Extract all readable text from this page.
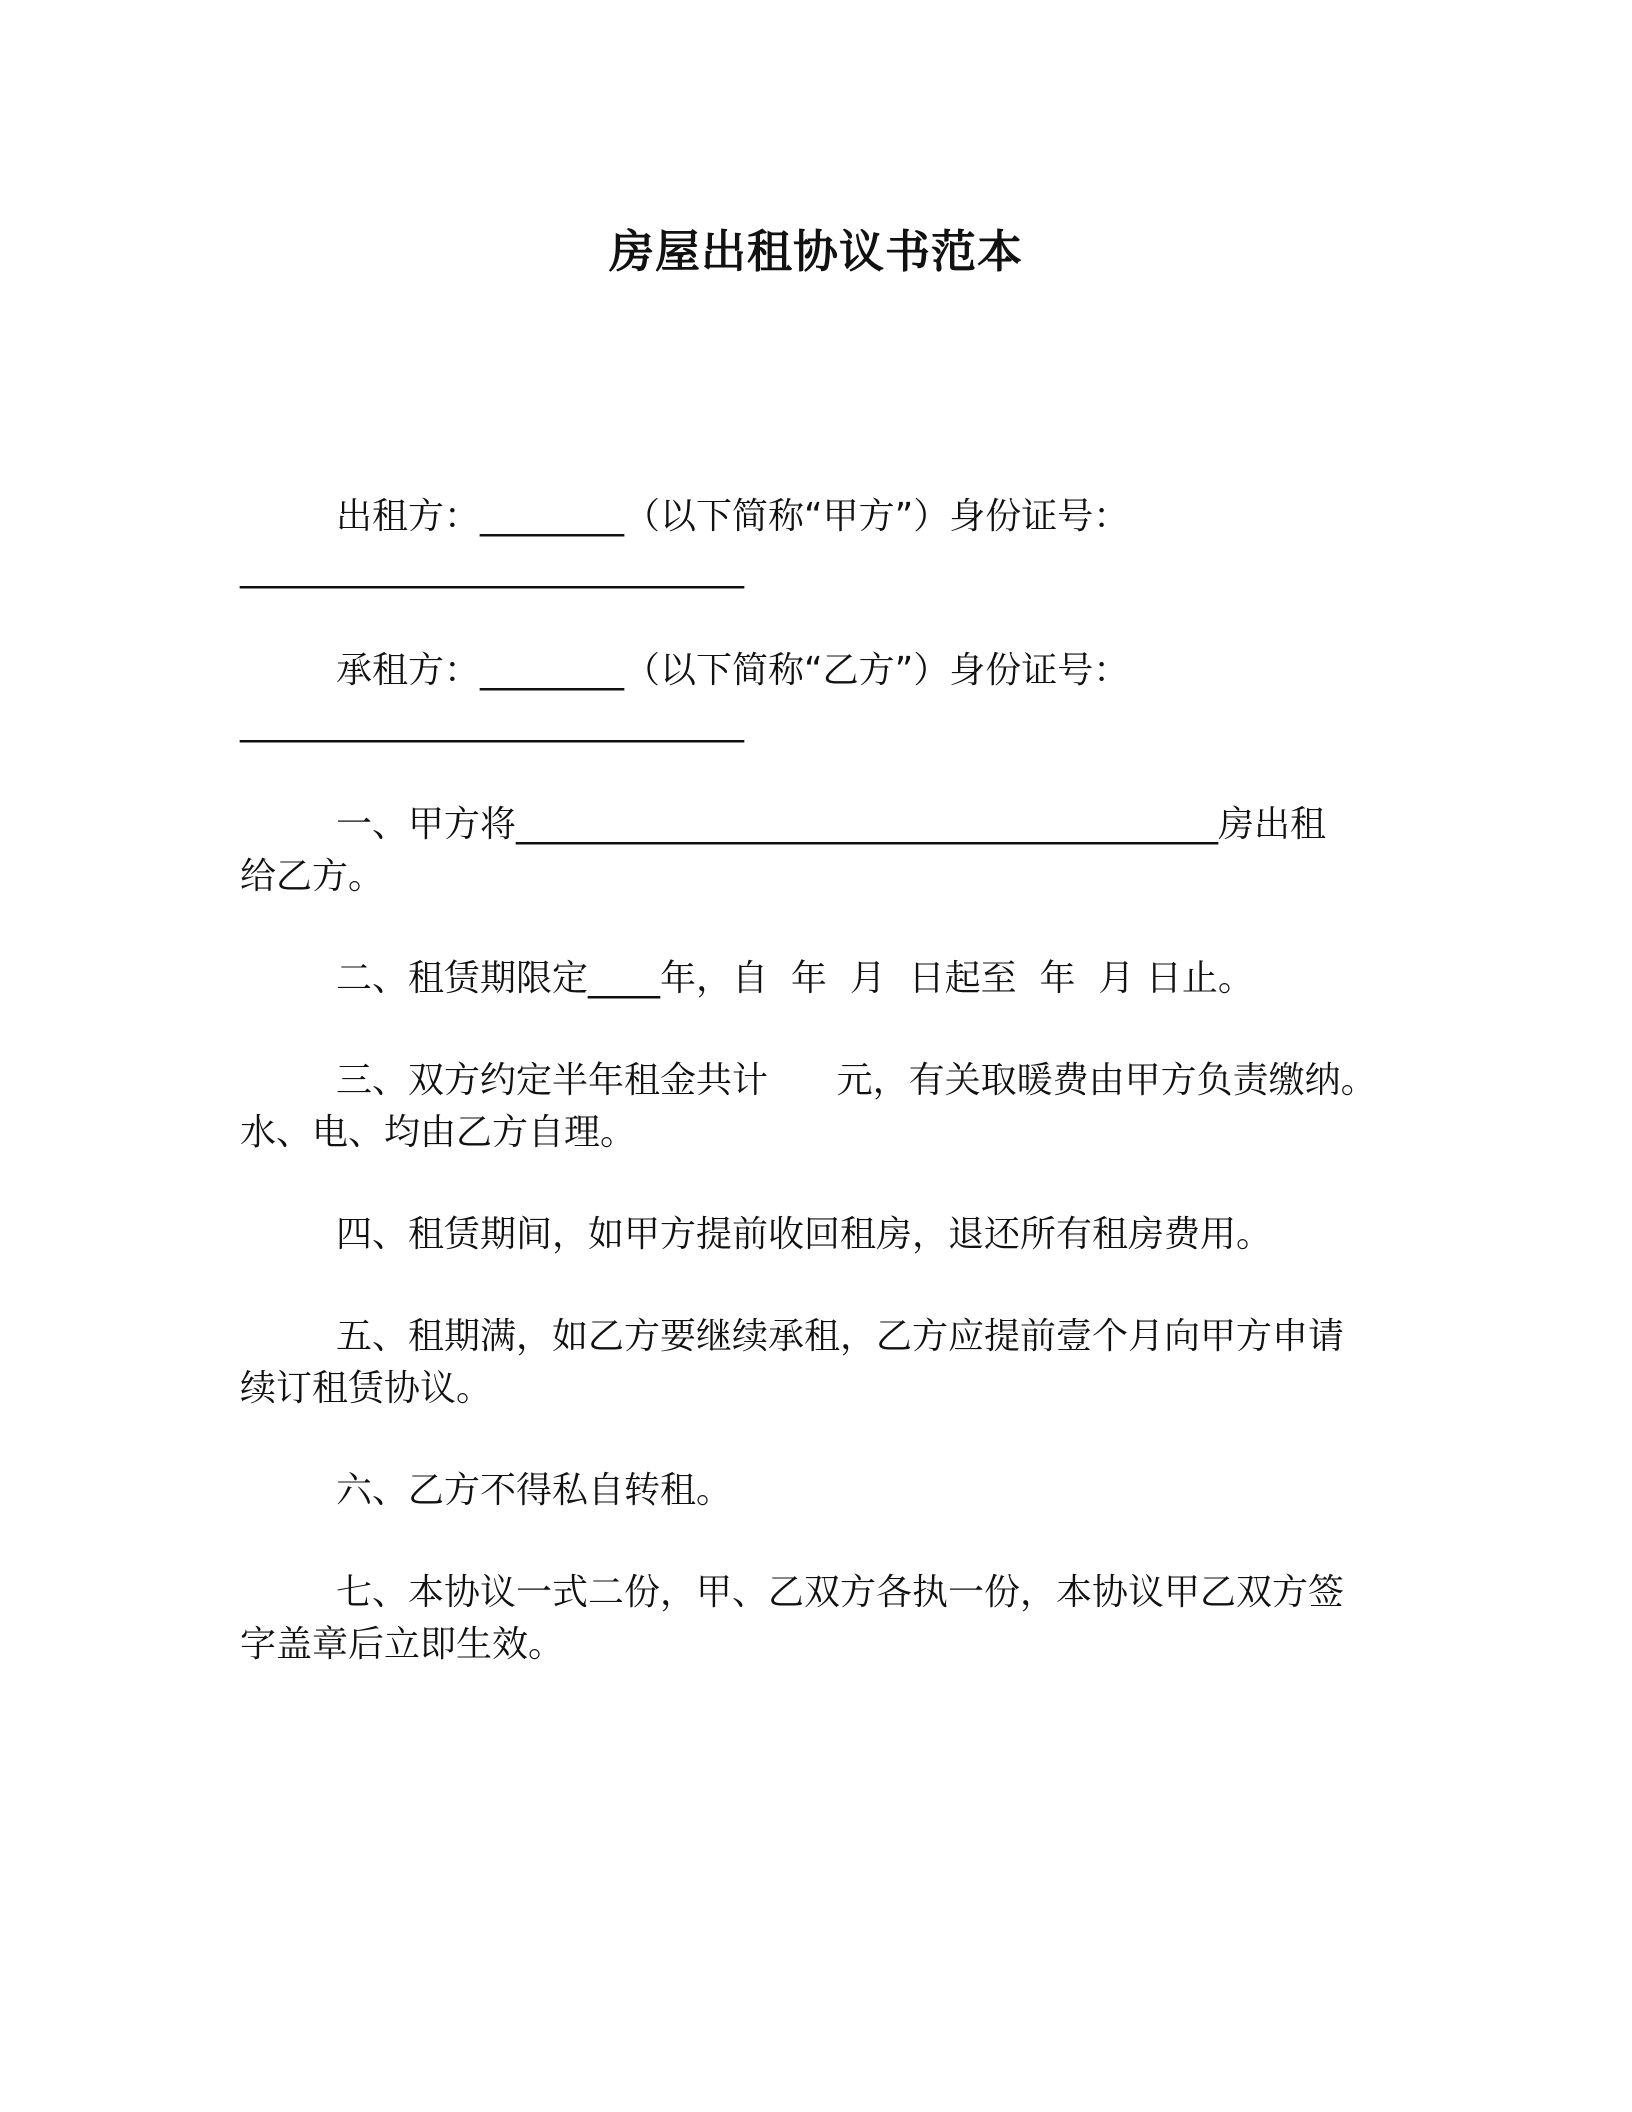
房屋出租协议书范本

出租方：________（以下简称“甲方”）身份证号：
____________________________

承租方：________（以下简称“乙方”）身份证号：
____________________________

一、甲方将_______________________________________房出租
给乙方。

二、租赁期限定____年，自  年  月  日起至  年  月 日止。

三、双方约定半年租金共计      元，有关取暖费由甲方负责缴纳。
水、电、均由乙方自理。

四、租赁期间，如甲方提前收回租房，退还所有租房费用。

五、租期满，如乙方要继续承租，乙方应提前壹个月向甲方申请
续订租赁协议。

六、乙方不得私自转租。

七、本协议一式二份，甲、乙双方各执一份，本协议甲乙双方签
字盖章后立即生效。
